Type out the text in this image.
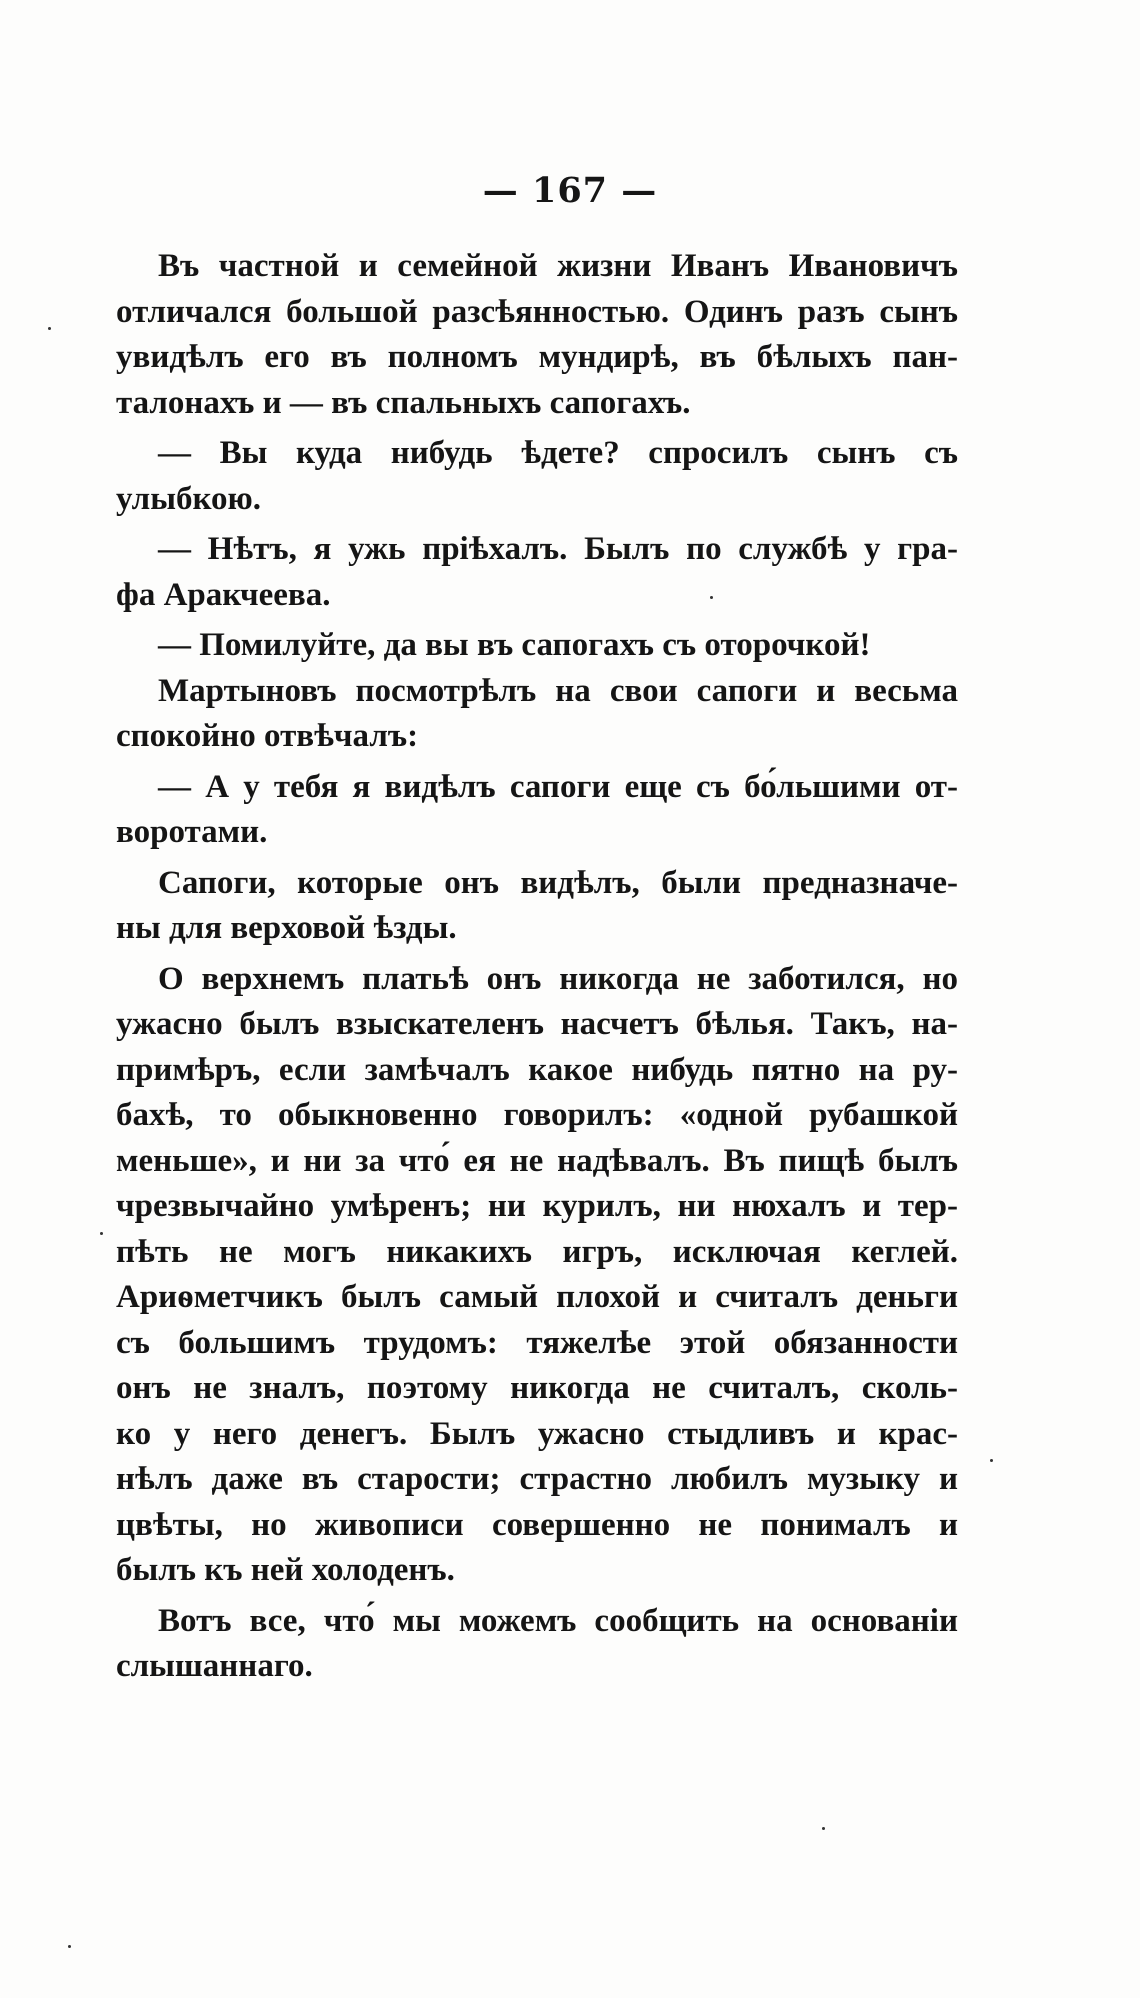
— 167 —
Въ частной и семейной жизни Иванъ Ивановичъ
отличался большой разсѣянностью. Одинъ разъ сынъ
увидѣлъ его въ полномъ мундирѣ, въ бѣлыхъ пан-
талонахъ и — въ спальныхъ сапогахъ.
— Вы куда нибудь ѣдете? спросилъ сынъ съ
улыбкою.
— Нѣтъ, я ужь пріѣхалъ. Былъ по службѣ у гра-
фа Аракчеева.
— Помилуйте, да вы въ сапогахъ съ оторочкой!
Мартыновъ посмотрѣлъ на свои сапоги и весьма
спокойно отвѣчалъ:
— А у тебя я видѣлъ сапоги еще съ бо́льшими от-
воротами.
Сапоги, которые онъ видѣлъ, были предназначе-
ны для верховой ѣзды.
О верхнемъ платьѣ онъ никогда не заботился, но
ужасно былъ взыскателенъ насчетъ бѣлья. Такъ, на-
примѣръ, если замѣчалъ какое нибудь пятно на ру-
бахѣ, то обыкновенно говорилъ: «одной рубашкой
меньше», и ни за что́ ея не надѣвалъ. Въ пищѣ былъ
чрезвычайно умѣренъ; ни курилъ, ни нюхалъ и тер-
пѣть не могъ никакихъ игръ, исключая кеглей.
Ариѳметчикъ былъ самый плохой и считалъ деньги
съ большимъ трудомъ: тяжелѣе этой обязанности
онъ не зналъ, поэтому никогда не считалъ, сколь-
ко у него денегъ. Былъ ужасно стыдливъ и крас-
нѣлъ даже въ старости; страстно любилъ музыку и
цвѣты, но живописи совершенно не понималъ и
былъ къ ней холоденъ.
Вотъ все, что́ мы можемъ сообщить на основаніи
слышаннаго.
